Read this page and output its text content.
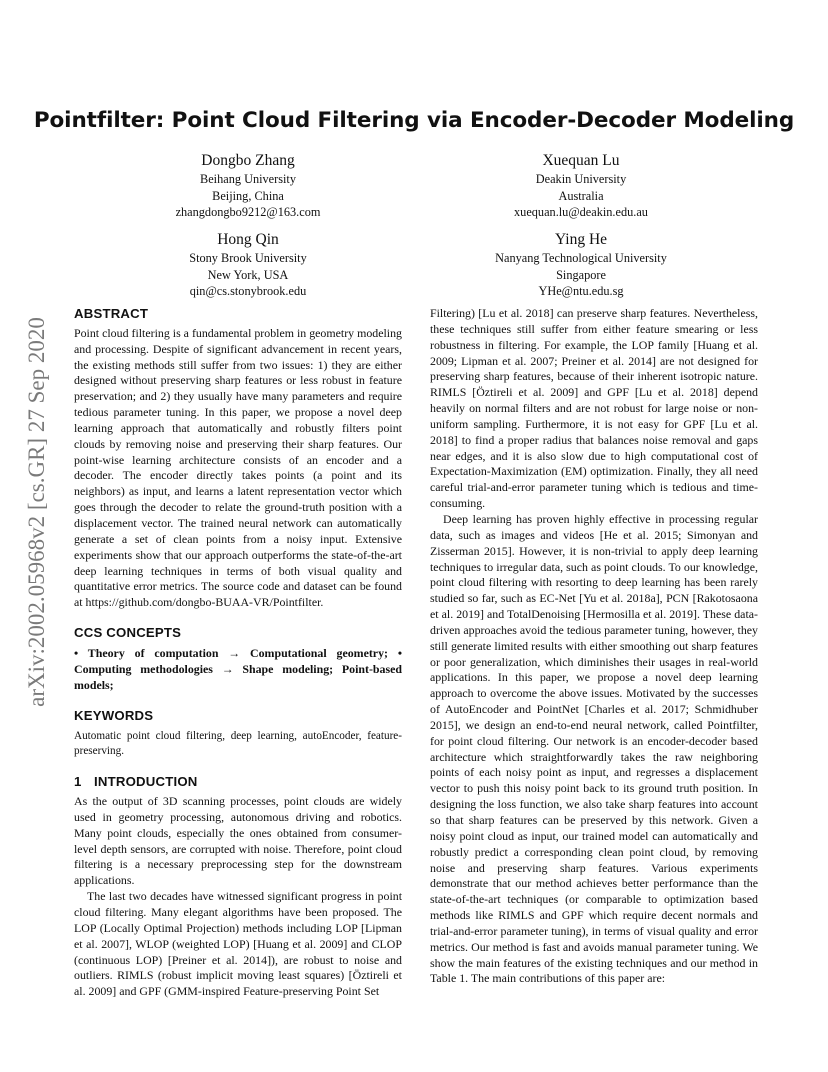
Pointfilter: Point Cloud Filtering via Encoder-Decoder Modeling
Dongbo Zhang
Beihang University
Beijing, China
zhangdongbo9212@163.com
Xuequan Lu
Deakin University
Australia
xuequan.lu@deakin.edu.au
Hong Qin
Stony Brook University
New York, USA
qin@cs.stonybrook.edu
Ying He
Nanyang Technological University
Singapore
YHe@ntu.edu.sg
arXiv:2002.05968v2 [cs.GR] 27 Sep 2020
ABSTRACT

Point cloud filtering is a fundamental problem in geometry modeling and processing. Despite of significant advancement in recent years, the existing methods still suffer from two issues: 1) they are either designed without preserving sharp features or less robust in feature preservation; and 2) they usually have many parameters and require tedious parameter tuning. In this paper, we propose a novel deep learning approach that automatically and robustly filters point clouds by removing noise and preserving their sharp features. Our point-wise learning architecture consists of an encoder and a decoder. The encoder directly takes points (a point and its neighbors) as input, and learns a latent representation vector which goes through the decoder to relate the ground-truth position with a displacement vector. The trained neural network can automatically generate a set of clean points from a noisy input. Extensive experiments show that our approach outperforms the state-of-the-art deep learning techniques in terms of both visual quality and quantitative error metrics. The source code and dataset can be found at https://github.com/dongbo-BUAA-VR/Pointfilter.

CCS CONCEPTS

• Theory of computation → Computational geometry; • Computing methodologies → Shape modeling; Point-based models;

KEYWORDS

Automatic point cloud filtering, deep learning, autoEncoder, feature-preserving.

1 INTRODUCTION

As the output of 3D scanning processes, point clouds are widely used in geometry processing, autonomous driving and robotics. Many point clouds, especially the ones obtained from consumer-level depth sensors, are corrupted with noise. Therefore, point cloud filtering is a necessary preprocessing step for the downstream applications.

The last two decades have witnessed significant progress in point cloud filtering. Many elegant algorithms have been proposed. The LOP (Locally Optimal Projection) methods including LOP [Lipman et al. 2007], WLOP (weighted LOP) [Huang et al. 2009] and CLOP (continuous LOP) [Preiner et al. 2014]), are robust to noise and outliers. RIMLS (robust implicit moving least squares) [Öztireli et al. 2009] and GPF (GMM-inspired Feature-preserving Point Set

Filtering) [Lu et al. 2018] can preserve sharp features. Nevertheless, these techniques still suffer from either feature smearing or less robustness in filtering. For example, the LOP family [Huang et al. 2009; Lipman et al. 2007; Preiner et al. 2014] are not designed for preserving sharp features, because of their inherent isotropic nature. RIMLS [Öztireli et al. 2009] and GPF [Lu et al. 2018] depend heavily on normal filters and are not robust for large noise or non-uniform sampling. Furthermore, it is not easy for GPF [Lu et al. 2018] to find a proper radius that balances noise removal and gaps near edges, and it is also slow due to high computational cost of Expectation-Maximization (EM) optimization. Finally, they all need careful trial-and-error parameter tuning which is tedious and time-consuming.

Deep learning has proven highly effective in processing regular data, such as images and videos [He et al. 2015; Simonyan and Zisserman 2015]. However, it is non-trivial to apply deep learning techniques to irregular data, such as point clouds. To our knowledge, point cloud filtering with resorting to deep learning has been rarely studied so far, such as EC-Net [Yu et al. 2018a], PCN [Rakotosaona et al. 2019] and TotalDenoising [Hermosilla et al. 2019]. These data-driven approaches avoid the tedious parameter tuning, however, they still generate limited results with either smoothing out sharp features or poor generalization, which diminishes their usages in real-world applications. In this paper, we propose a novel deep learning approach to overcome the above issues. Motivated by the successes of AutoEncoder and PointNet [Charles et al. 2017; Schmidhuber 2015], we design an end-to-end neural network, called Pointfilter, for point cloud filtering. Our network is an encoder-decoder based architecture which straightforwardly takes the raw neighboring points of each noisy point as input, and regresses a displacement vector to push this noisy point back to its ground truth position. In designing the loss function, we also take sharp features into account so that sharp features can be preserved by this network. Given a noisy point cloud as input, our trained model can automatically and robustly predict a corresponding clean point cloud, by removing noise and preserving sharp features. Various experiments demonstrate that our method achieves better performance than the state-of-the-art techniques (or comparable to optimization based methods like RIMLS and GPF which require decent normals and trial-and-error parameter tuning), in terms of visual quality and error metrics. Our method is fast and avoids manual parameter tuning. We show the main features of the existing techniques and our method in Table 1. The main contributions of this paper are:
